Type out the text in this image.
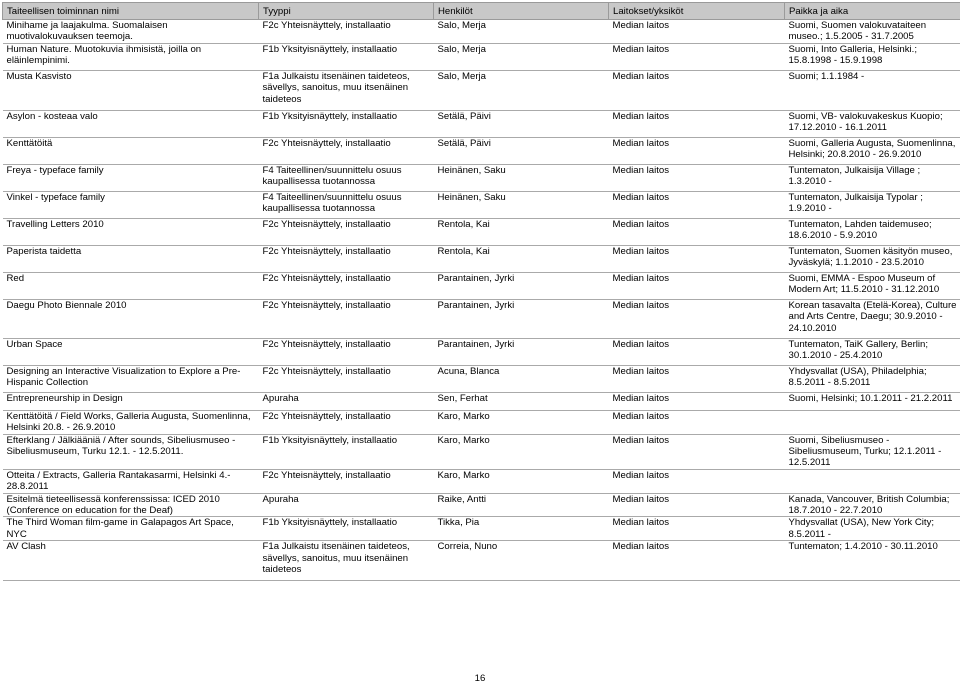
Taiteellisen toiminnan nimi	Tyyppi	Henkilöt	Laitokset/yksiköt	Paikka ja aika
Minihame ja laajakulma. Suomalaisen muotivalokuvauksen teemoja.	F2c Yhteisnäyttely, installaatio	Salo, Merja	Median laitos	Suomi, Suomen valokuvataiteen museo.; 1.5.2005 - 31.7.2005
Human Nature. Muotokuvia ihmisistä, joilla on eläinlempinimi.	F1b Yksityisnäyttely, installaatio	Salo, Merja	Median laitos	Suomi, Into Galleria, Helsinki.; 15.8.1998 - 15.9.1998
Musta Kasvisto	F1a Julkaistu itsenäinen taideteos, sävellys, sanoitus, muu itsenäinen taideteos	Salo, Merja	Median laitos	Suomi; 1.1.1984 -
Asylon - kosteaa valo	F1b Yksityisnäyttely, installaatio	Setälä, Päivi	Median laitos	Suomi, VB- valokuvakeskus Kuopio; 17.12.2010 - 16.1.2011
Kenttätöitä	F2c Yhteisnäyttely, installaatio	Setälä, Päivi	Median laitos	Suomi, Galleria Augusta, Suomenlinna, Helsinki; 20.8.2010 - 26.9.2010
Freya - typeface family	F4 Taiteellinen/suunnittelu osuus kaupallisessa tuotannossa	Heinänen, Saku	Median laitos	Tuntematon, Julkaisija Village ; 1.3.2010 -
Vinkel - typeface family	F4 Taiteellinen/suunnittelu osuus kaupallisessa tuotannossa	Heinänen, Saku	Median laitos	Tuntematon, Julkaisija Typolar ; 1.9.2010 -
Travelling Letters 2010	F2c Yhteisnäyttely, installaatio	Rentola, Kai	Median laitos	Tuntematon, Lahden taidemuseo; 18.6.2010 - 5.9.2010
Paperista taidetta	F2c Yhteisnäyttely, installaatio	Rentola, Kai	Median laitos	Tuntematon, Suomen käsityön museo, Jyväskylä; 1.1.2010 - 23.5.2010
Red	F2c Yhteisnäyttely, installaatio	Parantainen, Jyrki	Median laitos	Suomi, EMMA - Espoo Museum of Modern Art; 11.5.2010 - 31.12.2010
Daegu Photo Biennale 2010	F2c Yhteisnäyttely, installaatio	Parantainen, Jyrki	Median laitos	Korean tasavalta (Etelä-Korea), Culture and Arts Centre, Daegu; 30.9.2010 - 24.10.2010
Urban Space	F2c Yhteisnäyttely, installaatio	Parantainen, Jyrki	Median laitos	Tuntematon, TaiK Gallery, Berlin; 30.1.2010 - 25.4.2010
Designing an Interactive Visualization to Explore a Pre-Hispanic Collection	F2c Yhteisnäyttely, installaatio	Acuna, Blanca	Median laitos	Yhdysvallat (USA), Philadelphia; 8.5.2011 - 8.5.2011
Entrepreneurship in Design	Apuraha	Sen, Ferhat	Median laitos	Suomi, Helsinki; 10.1.2011 - 21.2.2011
Kenttätöitä / Field Works, Galleria Augusta, Suomenlinna, Helsinki 20.8. - 26.9.2010	F2c Yhteisnäyttely, installaatio	Karo, Marko	Median laitos	
Efterklang / Jälkiääniä / After sounds, Sibeliusmuseo - Sibeliusmuseum, Turku 12.1. - 12.5.2011.	F1b Yksityisnäyttely, installaatio	Karo, Marko	Median laitos	Suomi, Sibeliusmuseo - Sibeliusmuseum, Turku; 12.1.2011 - 12.5.2011
Otteita / Extracts, Galleria Rantakasarmi, Helsinki 4.- 28.8.2011	F2c Yhteisnäyttely, installaatio	Karo, Marko	Median laitos	
Esitelmä tieteellisessä konferenssissa: ICED 2010 (Conference on education for the Deaf)	Apuraha	Raike, Antti	Median laitos	Kanada, Vancouver, British Columbia; 18.7.2010 - 22.7.2010
The Third Woman film-game in Galapagos Art Space, NYC	F1b Yksityisnäyttely, installaatio	Tikka, Pia	Median laitos	Yhdysvallat (USA), New York City; 8.5.2011 -
AV Clash	F1a Julkaistu itsenäinen taideteos, sävellys, sanoitus, muu itsenäinen taideteos	Correia, Nuno	Median laitos	Tuntematon; 1.4.2010 - 30.11.2010
16
